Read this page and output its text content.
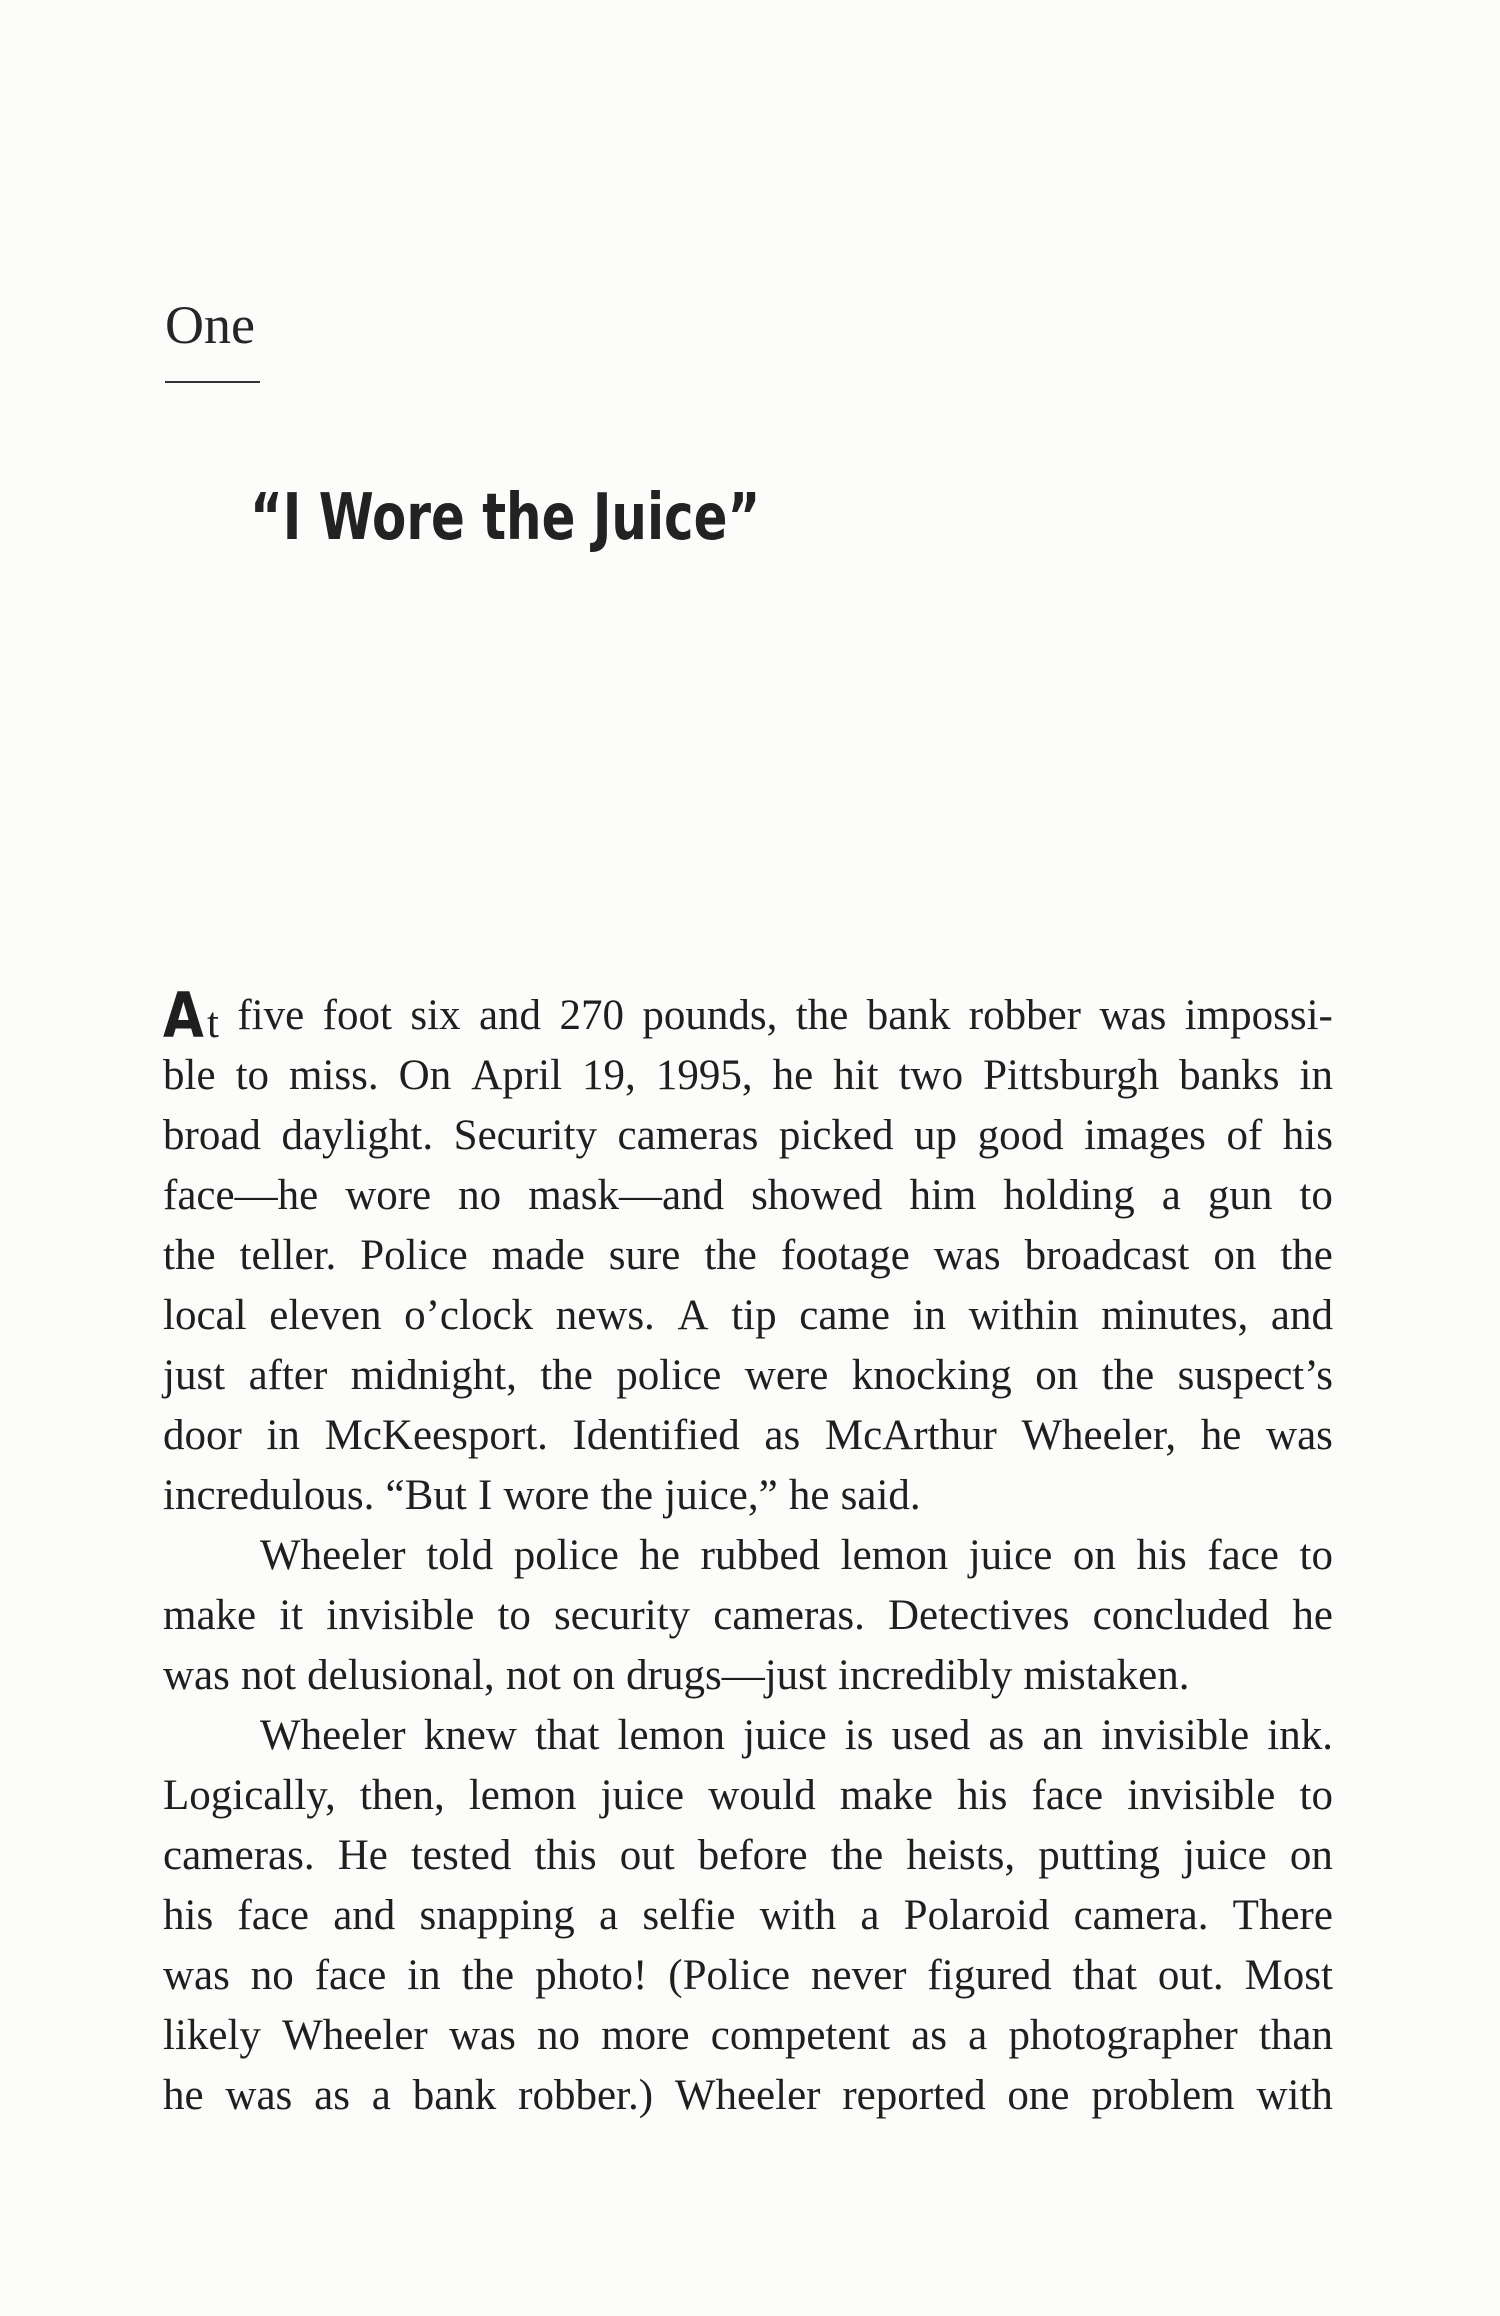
One
“I Wore the Juice”
At five foot six and 270 pounds, the bank robber was impossi-
ble to miss. On April 19, 1995, he hit two Pittsburgh banks in
broad daylight. Security cameras picked up good images of his
face—he wore no mask—and showed him holding a gun to
the teller. Police made sure the footage was broadcast on the
local eleven o’clock news. A tip came in within minutes, and
just after midnight, the police were knocking on the suspect’s
door in McKeesport. Identified as McArthur Wheeler, he was
incredulous. “But I wore the juice,” he said.
Wheeler told police he rubbed lemon juice on his face to
make it invisible to security cameras. Detectives concluded he
was not delusional, not on drugs—just incredibly mistaken.
Wheeler knew that lemon juice is used as an invisible ink.
Logically, then, lemon juice would make his face invisible to
cameras. He tested this out before the heists, putting juice on
his face and snapping a selfie with a Polaroid camera. There
was no face in the photo! (Police never figured that out. Most
likely Wheeler was no more competent as a photographer than
he was as a bank robber.) Wheeler reported one problem with
